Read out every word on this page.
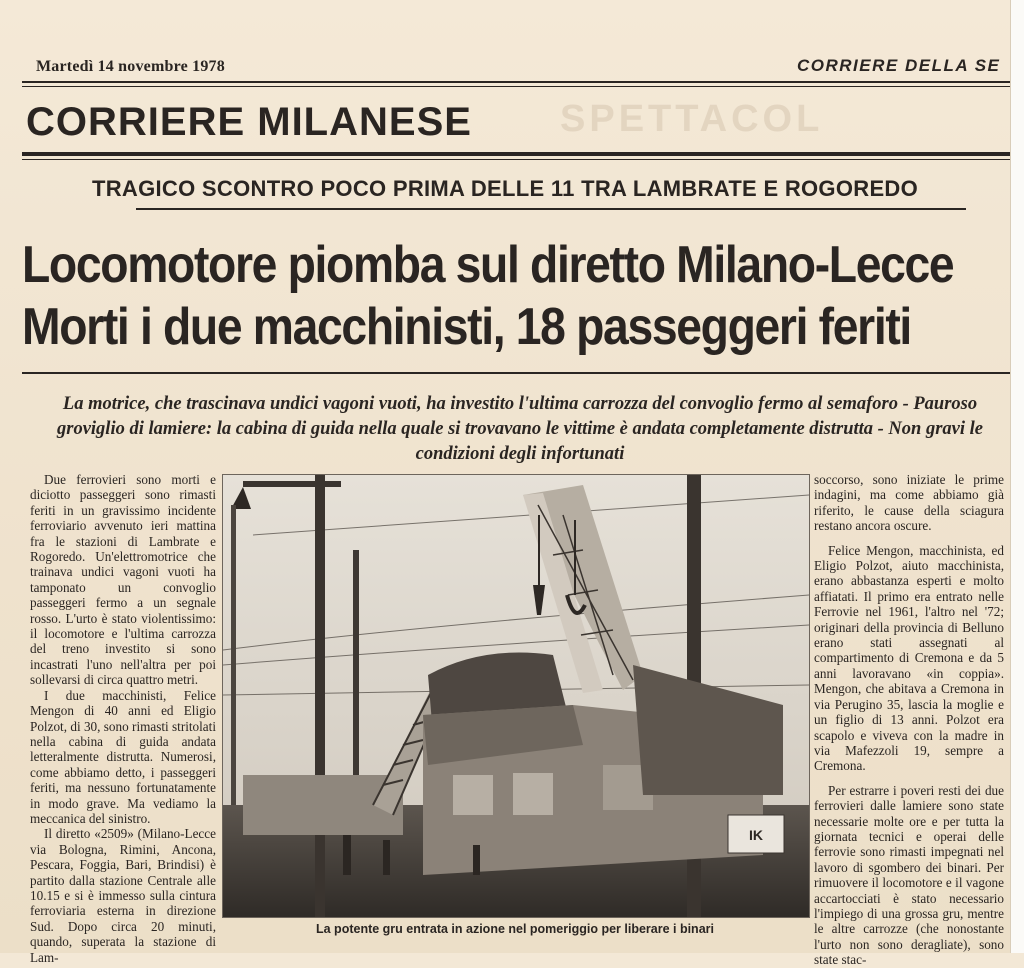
Martedì 14 novembre 1978	CORRIERE DELLA SE
SPETTACOL
CORRIERE MILANESE
TRAGICO SCONTRO POCO PRIMA DELLE 11 TRA LAMBRATE E ROGOREDO
Locomotore piomba sul diretto Milano-Lecce
Morti i due macchinisti, 18 passeggeri feriti
La motrice, che trascinava undici vagoni vuoti, ha investito l'ultima carrozza del convoglio fermo al semaforo - Pauroso groviglio di lamiere: la cabina di guida nella quale si trovavano le vittime è andata completamente distrutta - Non gravi le condizioni degli infortunati

Due ferrovieri sono morti e diciotto passeggeri sono rimasti feriti in un gravissimo incidente ferroviario avvenuto ieri mattina fra le stazioni di Lambrate e Rogoredo. Un'elettromotrice che trainava undici vagoni vuoti ha tamponato un convoglio passeggeri fermo a un segnale rosso. L'urto è stato violentissimo: il locomotore e l'ultima carrozza del treno investito si sono incastrati l'uno nell'altra per poi sollevarsi di circa quattro metri.

I due macchinisti, Felice Mengon di 40 anni ed Eligio Polzot, di 30, sono rimasti stritolati nella cabina di guida andata letteralmente distrutta. Numerosi, come abbiamo detto, i passeggeri feriti, ma nessuno fortunatamente in modo grave. Ma vediamo la meccanica del sinistro.

Il diretto «2509» (Milano-Lecce via Bologna, Rimini, Ancona, Pescara, Foggia, Bari, Brindisi) è partito dalla stazione Centrale alle 10.15 e si è immesso sulla cintura ferroviaria esterna in direzione Sud. Dopo circa 20 minuti, quando, superata la stazione di Lam-

IK
La potente gru entrata in azione nel pomeriggio per liberare i binari

soccorso, sono iniziate le prime indagini, ma come abbiamo già riferito, le cause della sciagura restano ancora oscure.

Felice Mengon, macchinista, ed Eligio Polzot, aiuto macchinista, erano abbastanza esperti e molto affiatati. Il primo era entrato nelle Ferrovie nel 1961, l'altro nel '72; originari della provincia di Belluno erano stati assegnati al compartimento di Cremona e da 5 anni lavoravano «in coppia». Mengon, che abitava a Cremona in via Perugino 35, lascia la moglie e un figlio di 13 anni. Polzot era scapolo e viveva con la madre in via Mafezzoli 19, sempre a Cremona.

Per estrarre i poveri resti dei due ferrovieri dalle lamiere sono state necessarie molte ore e per tutta la giornata tecnici e operai delle ferrovie sono rimasti impegnati nel lavoro di sgombero dei binari. Per rimuovere il locomotore e il vagone accartocciati è stato necessario l'impiego di una grossa gru, mentre le altre carrozze (che nonostante l'urto non sono deragliate), sono state stac-
